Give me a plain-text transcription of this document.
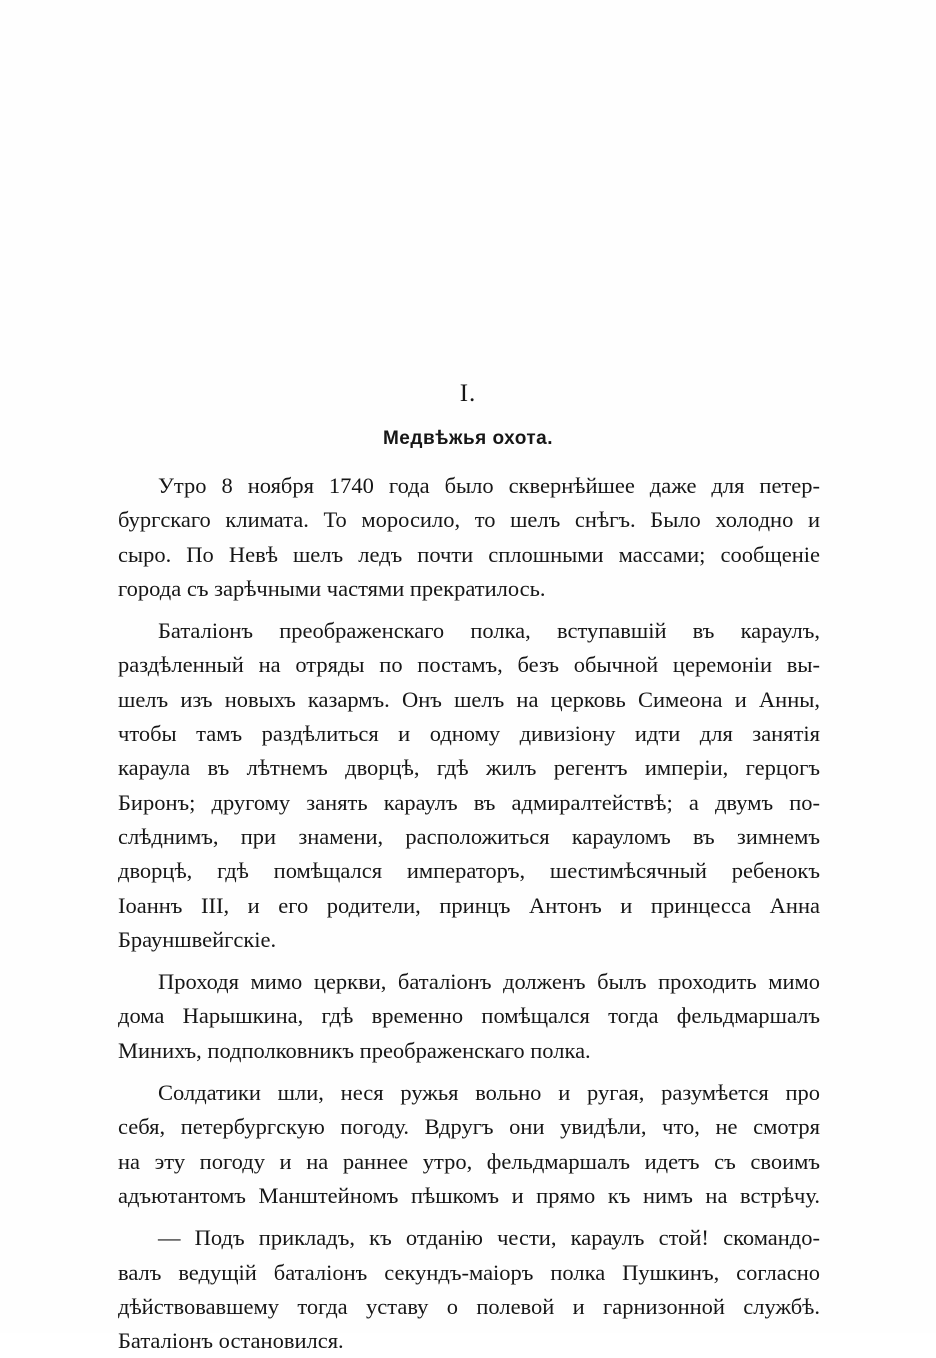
I.
Медвѣжья охота.
Утро 8 ноября 1740 года было сквернѣйшее даже для петер-
бургскаго климата. То моросило, то шелъ снѣгъ. Было холодно и
сыро. По Невѣ шелъ ледъ почти сплошными массами; сообщеніе
города съ зарѣчными частями прекратилось.
Баталіонъ преображенскаго полка, вступавшій въ караулъ,
раздѣленный на отряды по постамъ, безъ обычной церемоніи вы-
шелъ изъ новыхъ казармъ. Онъ шелъ на церковь Симеона и Анны,
чтобы тамъ раздѣлиться и одному дивизіону идти для занятія
караула въ лѣтнемъ дворцѣ, гдѣ жилъ регентъ имперіи, герцогъ
Биронъ; другому занять караулъ въ адмиралтействѣ; а двумъ по-
слѣднимъ, при знамени, расположиться карауломъ въ зимнемъ
дворцѣ, гдѣ помѣщался императоръ, шестимѣсячный ребенокъ
Іоаннъ III, и его родители, принцъ Антонъ и принцесса Анна
Брауншвейгскіе.
Проходя мимо церкви, баталіонъ долженъ былъ проходить мимо
дома Нарышкина, гдѣ временно помѣщался тогда фельдмаршалъ
Минихъ, подполковникъ преображенскаго полка.
Солдатики шли, неся ружья вольно и ругая, разумѣется про
себя, петербургскую погоду. Вдругъ они увидѣли, что, не смотря
на эту погоду и на раннее утро, фельдмаршалъ идетъ съ своимъ
адъютантомъ Манштейномъ пѣшкомъ и прямо къ нимъ на встрѣчу.
— Подъ прикладъ, къ отданію чести, караулъ стой! скомандо-
валъ ведущій баталіонъ секундъ-маіоръ полка Пушкинъ, согласно
дѣйствовавшему тогда уставу о полевой и гарнизонной службѣ.
Баталіонъ остановился.
